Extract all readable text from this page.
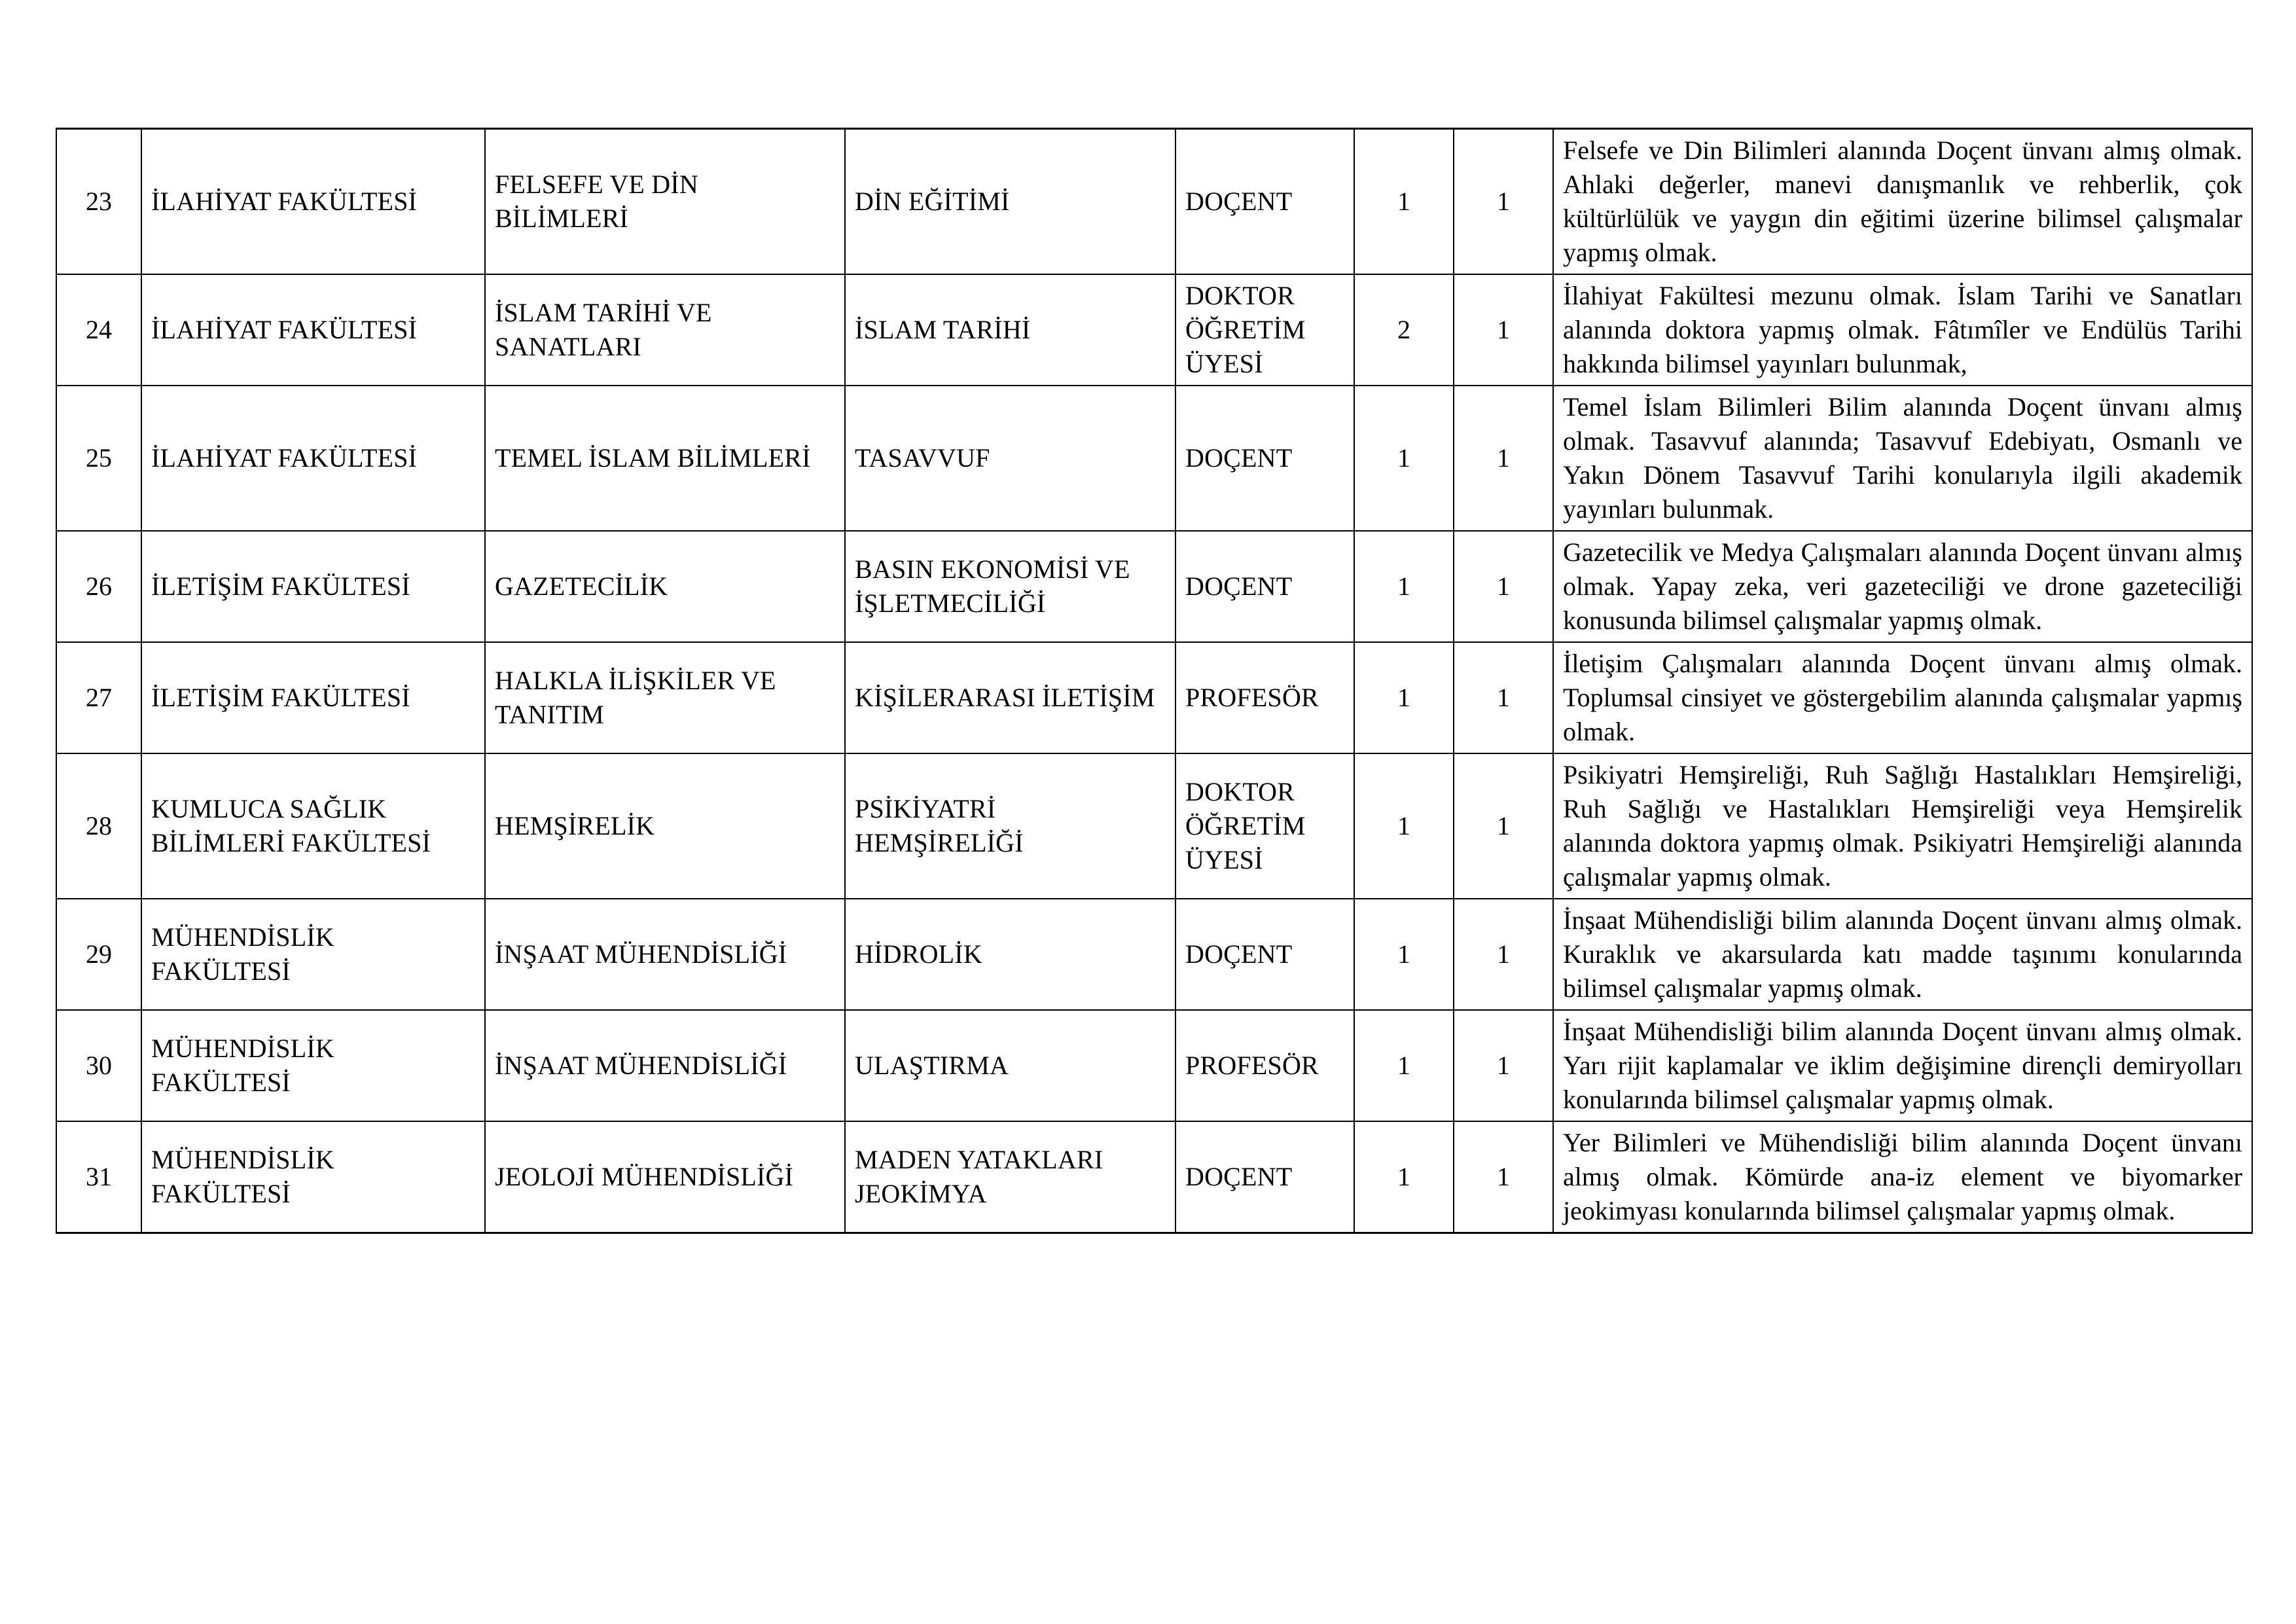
23	İLAHİYAT FAKÜLTESİ	FELSEFE VE DİN BİLİMLERİ	DİN EĞİTİMİ	DOÇENT	1	1	Felsefe ve Din Bilimleri alanında Doçent ünvanı almış olmak. Ahlaki değerler, manevi danışmanlık ve rehberlik, çok kültürlülük ve yaygın din eğitimi üzerine bilimsel çalışmalar yapmış olmak.
24	İLAHİYAT FAKÜLTESİ	İSLAM TARİHİ VE SANATLARI	İSLAM TARİHİ	DOKTOR ÖĞRETİM ÜYESİ	2	1	İlahiyat Fakültesi mezunu olmak. İslam Tarihi ve Sanatları alanında doktora yapmış olmak. Fâtımîler ve Endülüs Tarihi hakkında bilimsel yayınları bulunmak,
25	İLAHİYAT FAKÜLTESİ	TEMEL İSLAM BİLİMLERİ	TASAVVUF	DOÇENT	1	1	Temel İslam Bilimleri Bilim alanında Doçent ünvanı almış olmak. Tasavvuf alanında; Tasavvuf Edebiyatı, Osmanlı ve Yakın Dönem Tasavvuf Tarihi konularıyla ilgili akademik yayınları bulunmak.
26	İLETİŞİM FAKÜLTESİ	GAZETECİLİK	BASIN EKONOMİSİ VE İŞLETMECİLİĞİ	DOÇENT	1	1	Gazetecilik ve Medya Çalışmaları alanında Doçent ünvanı almış olmak. Yapay zeka, veri gazeteciliği ve drone gazeteciliği konusunda bilimsel çalışmalar yapmış olmak.
27	İLETİŞİM FAKÜLTESİ	HALKLA İLİŞKİLER VE TANITIM	KİŞİLERARASI İLETİŞİM	PROFESÖR	1	1	İletişim Çalışmaları alanında Doçent ünvanı almış olmak. Toplumsal cinsiyet ve göstergebilim alanında çalışmalar yapmış olmak.
28	KUMLUCA SAĞLIK BİLİMLERİ FAKÜLTESİ	HEMŞİRELİK	PSİKİYATRİ HEMŞİRELİĞİ	DOKTOR ÖĞRETİM ÜYESİ	1	1	Psikiyatri Hemşireliği, Ruh Sağlığı Hastalıkları Hemşireliği, Ruh Sağlığı ve Hastalıkları Hemşireliği veya Hemşirelik alanında doktora yapmış olmak. Psikiyatri Hemşireliği alanında çalışmalar yapmış olmak.
29	MÜHENDİSLİK FAKÜLTESİ	İNŞAAT MÜHENDİSLİĞİ	HİDROLİK	DOÇENT	1	1	İnşaat Mühendisliği bilim alanında Doçent ünvanı almış olmak. Kuraklık ve akarsularda katı madde taşınımı konularında bilimsel çalışmalar yapmış olmak.
30	MÜHENDİSLİK FAKÜLTESİ	İNŞAAT MÜHENDİSLİĞİ	ULAŞTIRMA	PROFESÖR	1	1	İnşaat Mühendisliği bilim alanında Doçent ünvanı almış olmak. Yarı rijit kaplamalar ve iklim değişimine dirençli demiryolları konularında bilimsel çalışmalar yapmış olmak.
31	MÜHENDİSLİK FAKÜLTESİ	JEOLOJİ MÜHENDİSLİĞİ	MADEN YATAKLARI JEOKİMYA	DOÇENT	1	1	Yer Bilimleri ve Mühendisliği bilim alanında Doçent ünvanı almış olmak. Kömürde ana-iz element ve biyomarker jeokimyası konularında bilimsel çalışmalar yapmış olmak.
